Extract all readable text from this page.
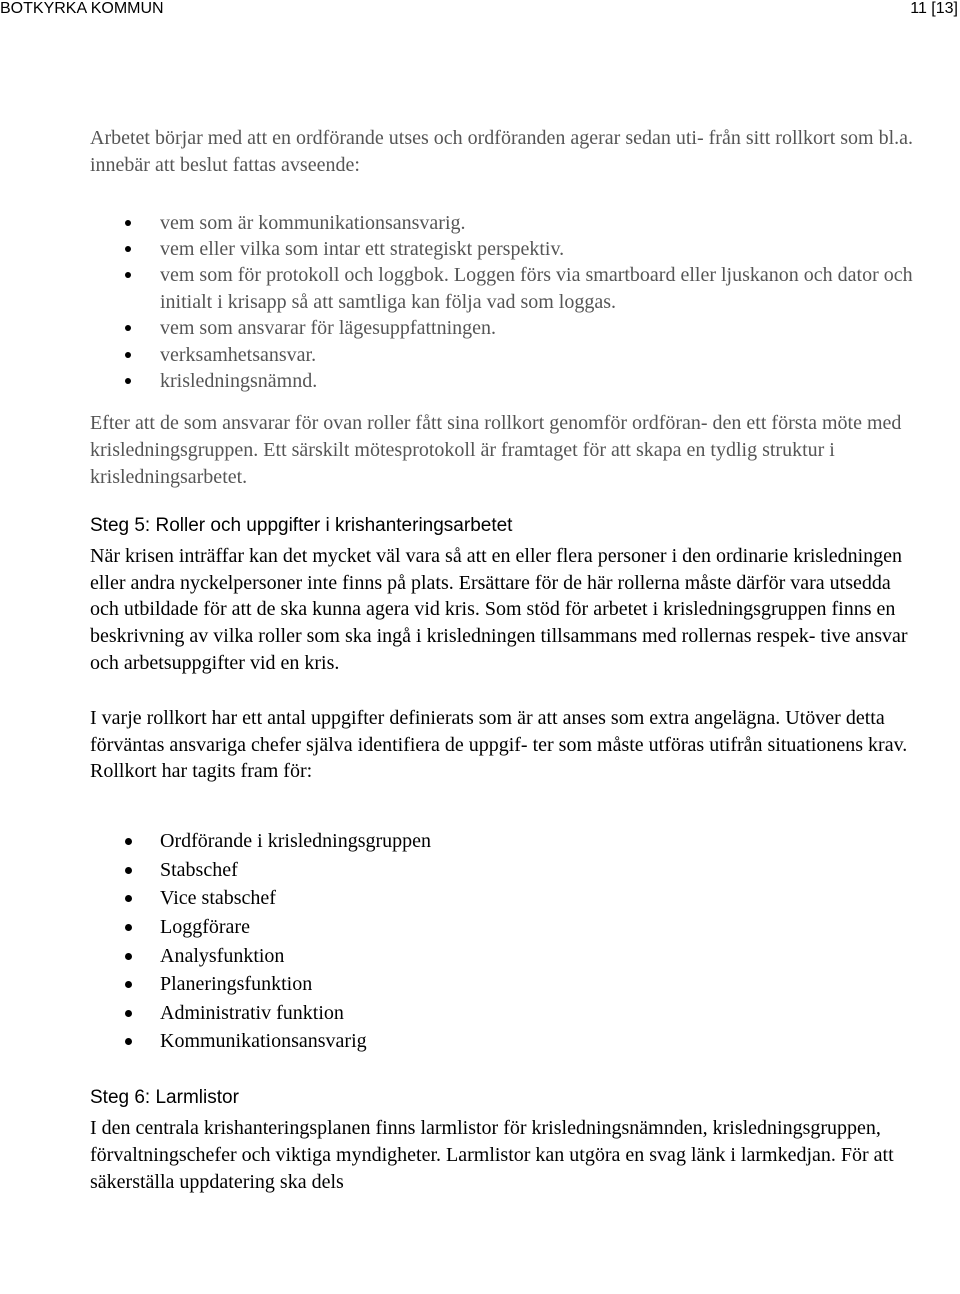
BOTKYRKA KOMMUN	11 [13]

Arbetet börjar med att en ordförande utses och ordföranden agerar sedan uti- från sitt rollkort som bl.a. innebär att beslut fattas avseende:

vem som är kommunikationsansvarig.
vem eller vilka som intar ett strategiskt perspektiv.
vem som för protokoll och loggbok. Loggen förs via smartboard eller ljuskanon och dator och initialt i krisapp så att samtliga kan följa vad som loggas.
vem som ansvarar för lägesuppfattningen.
verksamhetsansvar.
krisledningsnämnd.

Efter att de som ansvarar för ovan roller fått sina rollkort genomför ordföran- den ett första möte med krisledningsgruppen. Ett särskilt mötesprotokoll är framtaget för att skapa en tydlig struktur i krisledningsarbetet.

Steg 5: Roller och uppgifter i krishanteringsarbetet

När krisen inträffar kan det mycket väl vara så att en eller flera personer i den ordinarie krisledningen eller andra nyckelpersoner inte finns på plats. Ersättare för de här rollerna måste därför vara utsedda och utbildade för att de ska kunna agera vid kris. Som stöd för arbetet i krisledningsgruppen finns en beskrivning av vilka roller som ska ingå i krisledningen tillsammans med rollernas respek- tive ansvar och arbetsuppgifter vid en kris.

I varje rollkort har ett antal uppgifter definierats som är att anses som extra angelägna. Utöver detta förväntas ansvariga chefer själva identifiera de uppgif- ter som måste utföras utifrån situationens krav.

Rollkort har tagits fram för:

Ordförande i krisledningsgruppen
Stabschef
Vice stabschef
Loggförare
Analysfunktion
Planeringsfunktion
Administrativ funktion
Kommunikationsansvarig
Steg 6: Larmlistor

I den centrala krishanteringsplanen finns larmlistor för krisledningsnämnden, krisledningsgruppen, förvaltningschefer och viktiga myndigheter. Larmlistor kan utgöra en svag länk i larmkedjan. För att säkerställa uppdatering ska dels
